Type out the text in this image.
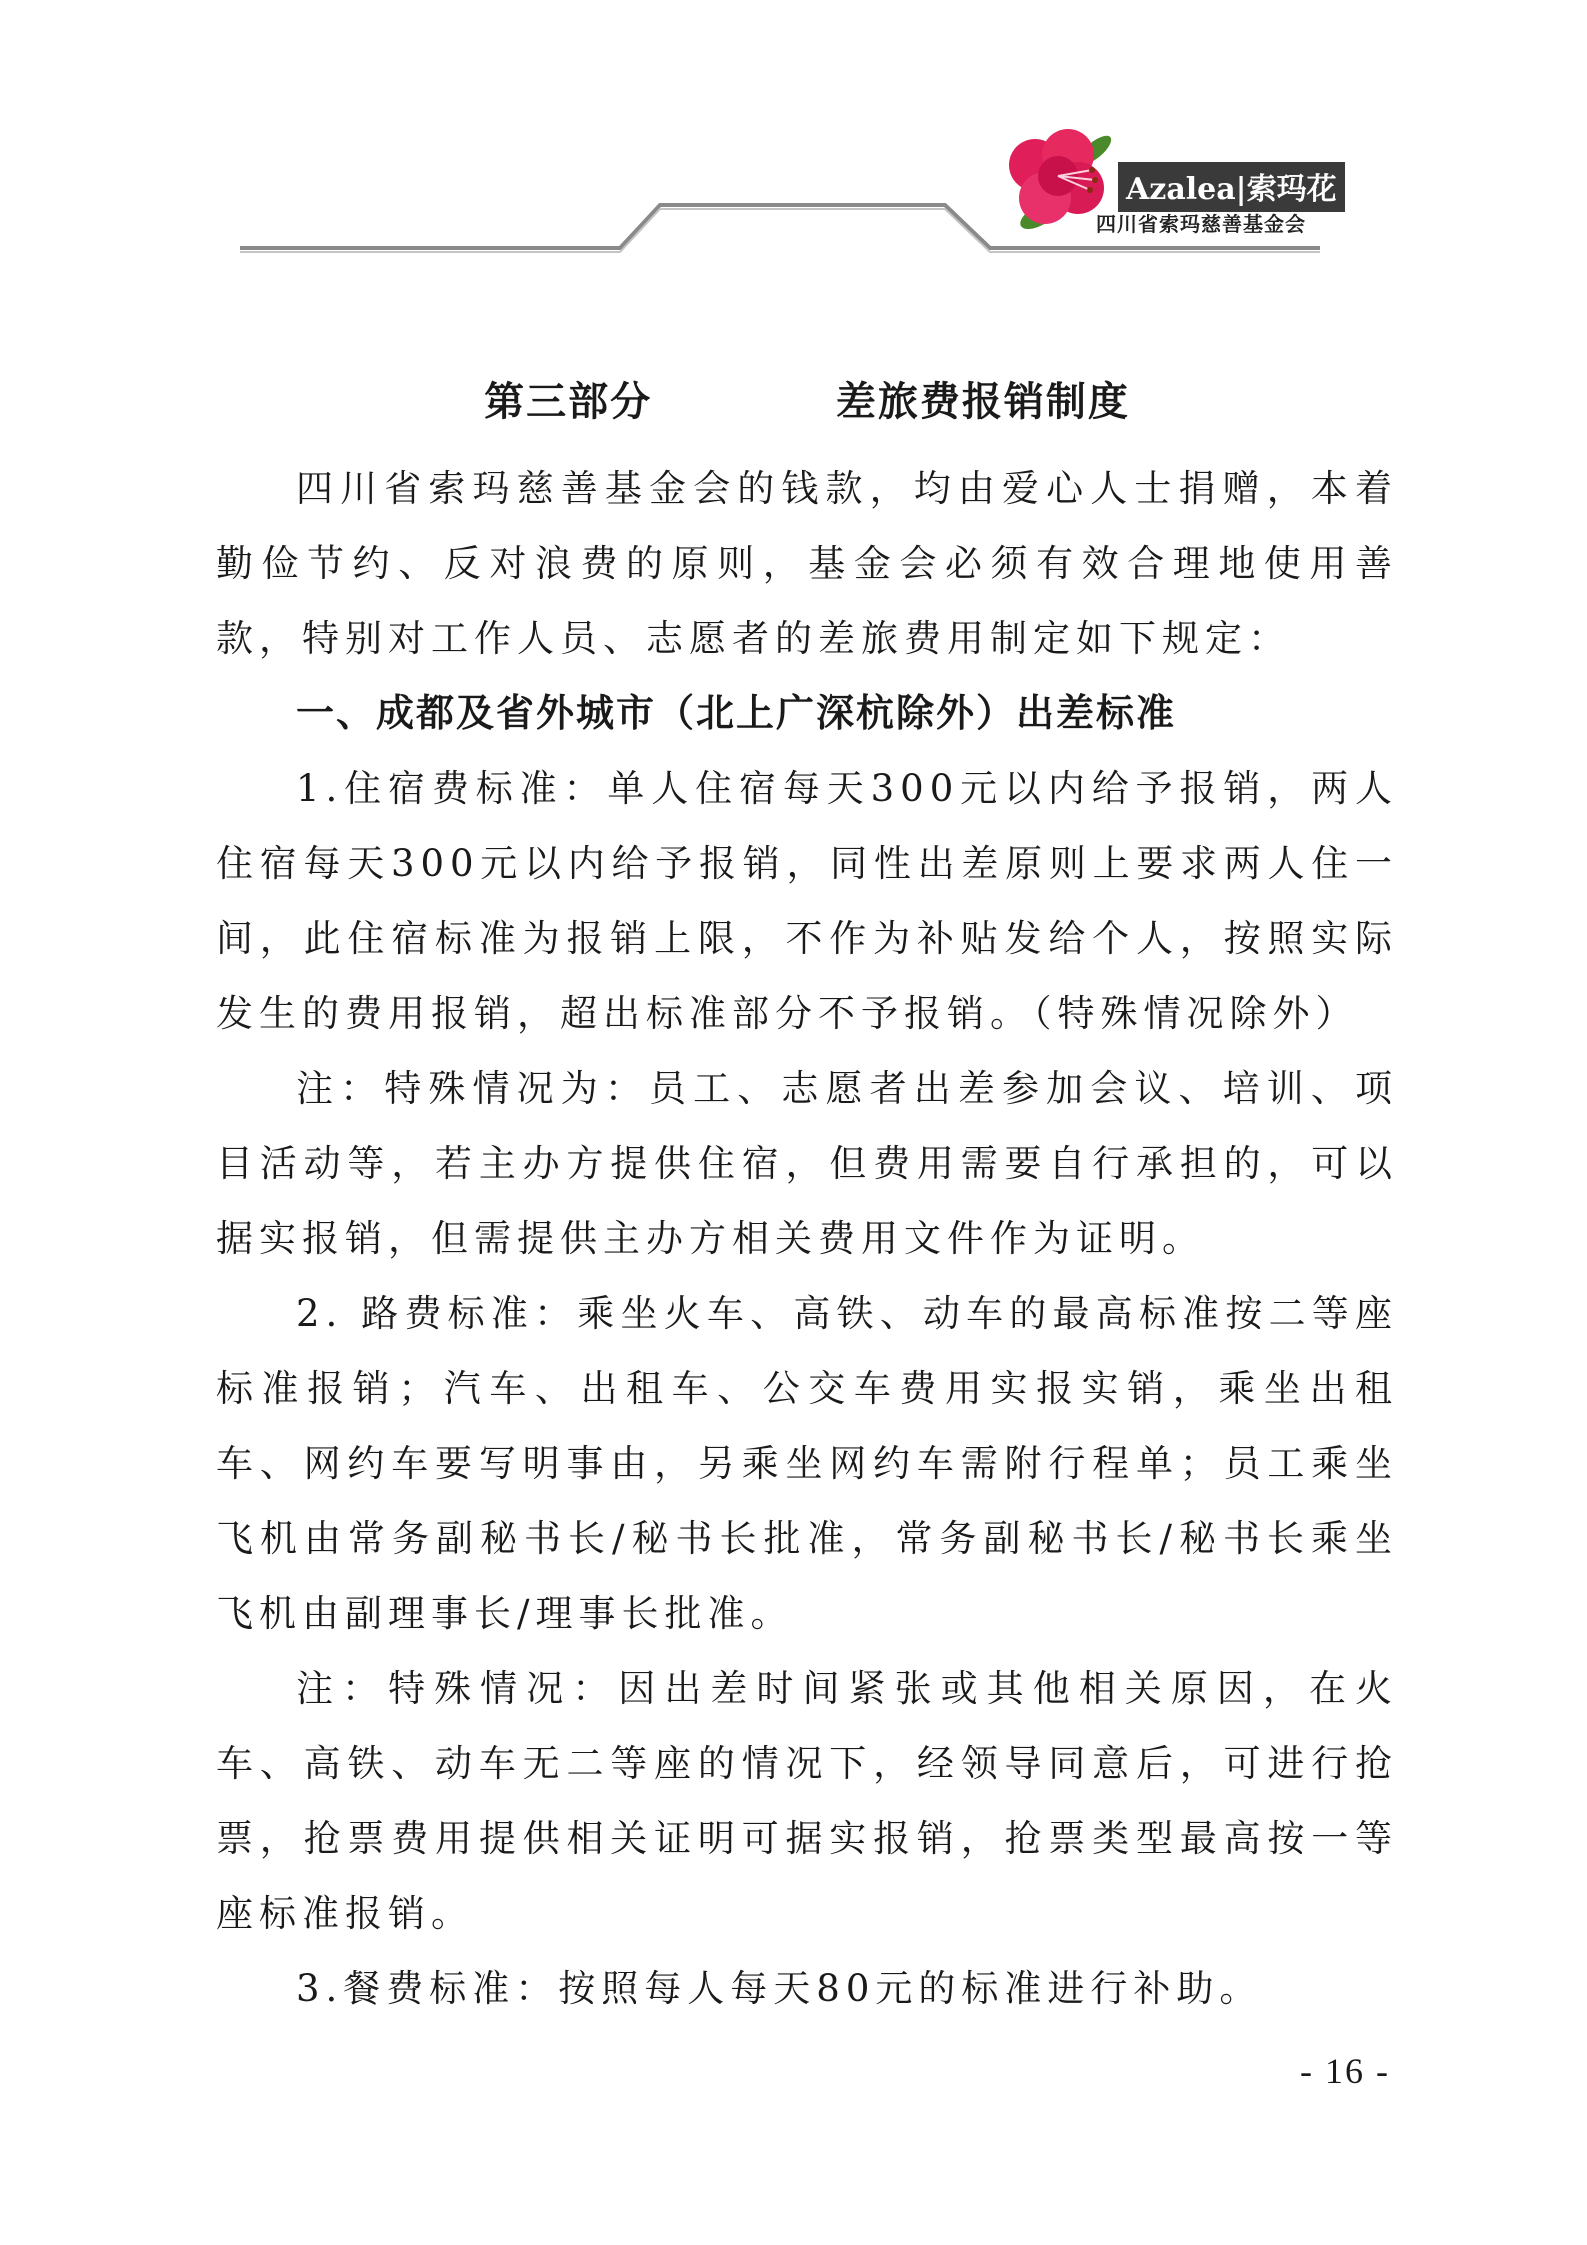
Azalea|索玛花
四川省索玛慈善基金会
第三部分    差旅费报销制度

四川省索玛慈善基金会的钱款，均由爱心人士捐赠，本着勤俭节约、反对浪费的原则，基金会必须有效合理地使用善款，特别对工作人员、志愿者的差旅费用制定如下规定：

一、成都及省外城市（北上广深杭除外）出差标准

1.住宿费标准：单人住宿每天300元以内给予报销，两人住宿每天300元以内给予报销，同性出差原则上要求两人住一间，此住宿标准为报销上限，不作为补贴发给个人，按照实际发生的费用报销，超出标准部分不予报销。（特殊情况除外）

注：特殊情况为：员工、志愿者出差参加会议、培训、项目活动等，若主办方提供住宿，但费用需要自行承担的，可以据实报销，但需提供主办方相关费用文件作为证明。

2. 路费标准：乘坐火车、高铁、动车的最高标准按二等座标准报销；汽车、出租车、公交车费用实报实销，乘坐出租车、网约车要写明事由，另乘坐网约车需附行程单；员工乘坐飞机由常务副秘书长/秘书长批准，常务副秘书长/秘书长乘坐飞机由副理事长/理事长批准。

注：特殊情况：因出差时间紧张或其他相关原因，在火车、高铁、动车无二等座的情况下，经领导同意后，可进行抢票，抢票费用提供相关证明可据实报销，抢票类型最高按一等座标准报销。

3.餐费标准：按照每人每天80元的标准进行补助。

- 16 -
